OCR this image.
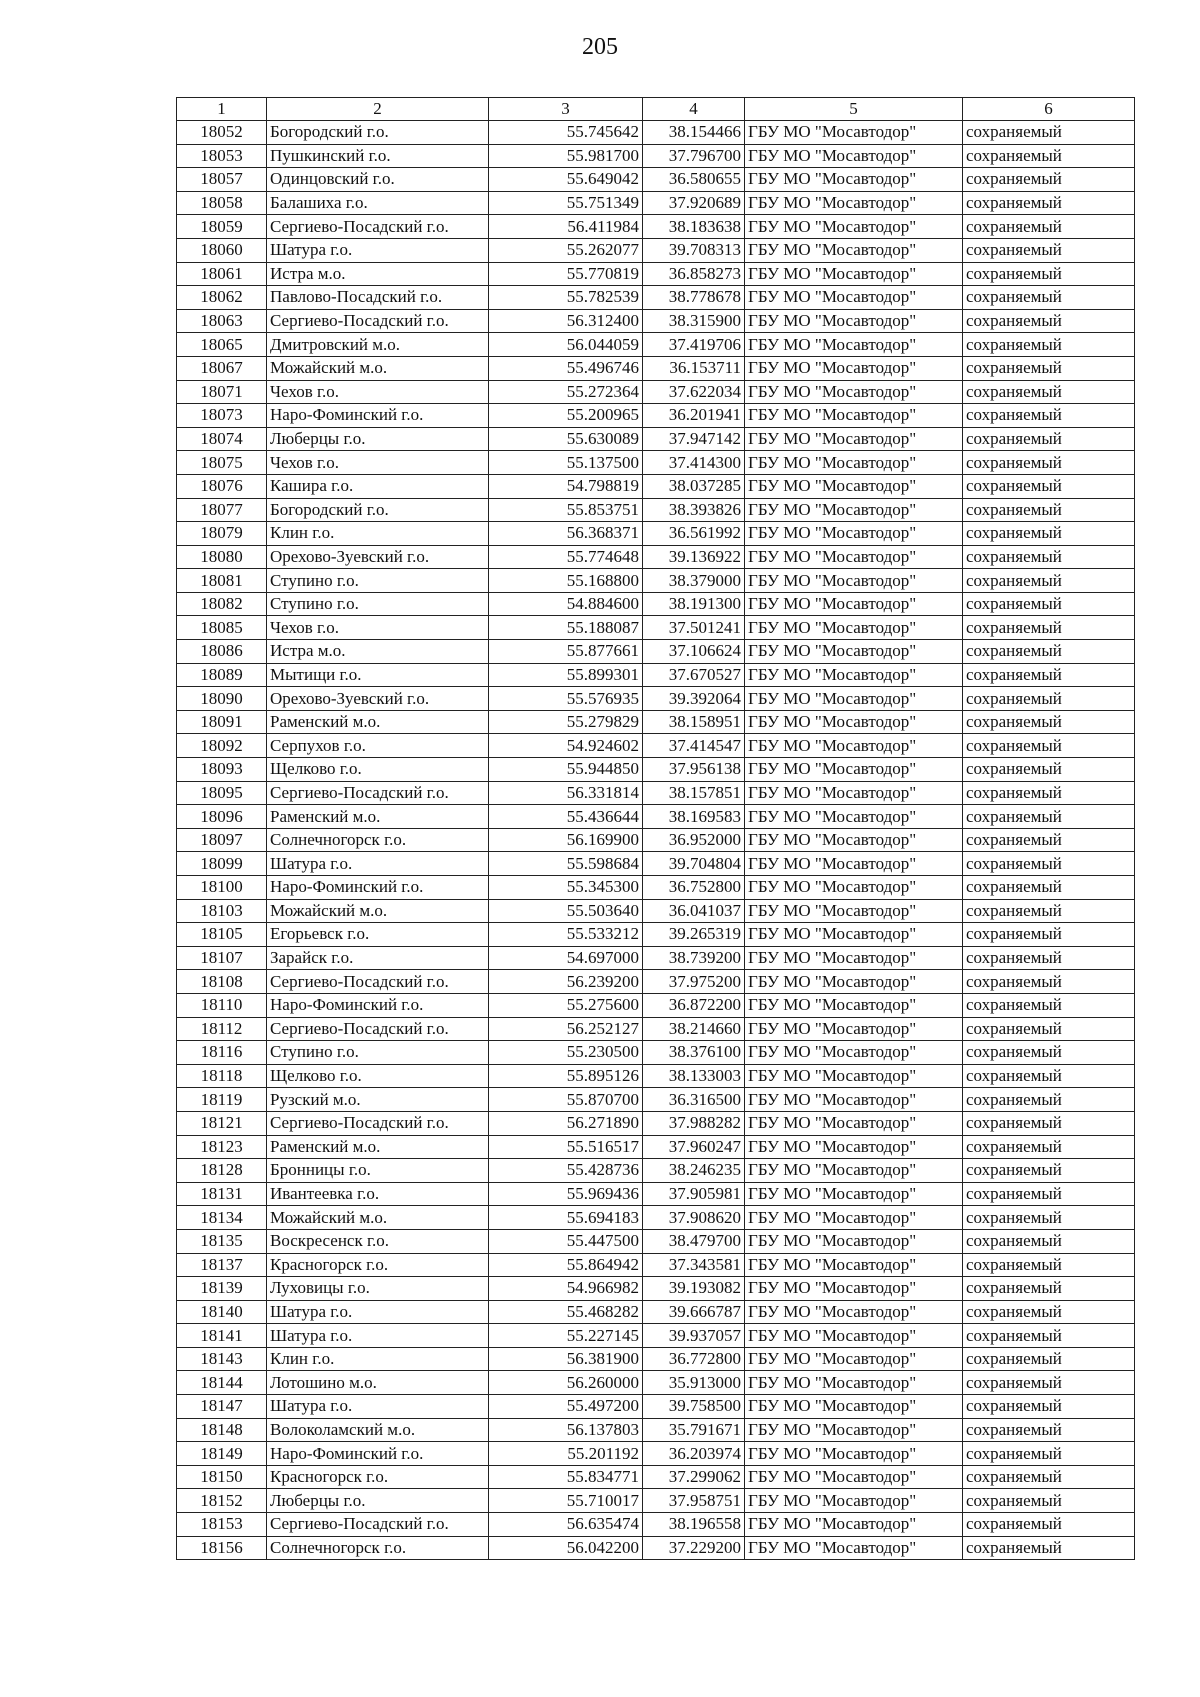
205
1	2	3	4	5	6
18052	Богородский г.о.	55.745642	38.154466	ГБУ МО "Мосавтодор"	сохраняемый
18053	Пушкинский г.о.	55.981700	37.796700	ГБУ МО "Мосавтодор"	сохраняемый
18057	Одинцовский г.о.	55.649042	36.580655	ГБУ МО "Мосавтодор"	сохраняемый
18058	Балашиха г.о.	55.751349	37.920689	ГБУ МО "Мосавтодор"	сохраняемый
18059	Сергиево-Посадский г.о.	56.411984	38.183638	ГБУ МО "Мосавтодор"	сохраняемый
18060	Шатура г.о.	55.262077	39.708313	ГБУ МО "Мосавтодор"	сохраняемый
18061	Истра м.о.	55.770819	36.858273	ГБУ МО "Мосавтодор"	сохраняемый
18062	Павлово-Посадский г.о.	55.782539	38.778678	ГБУ МО "Мосавтодор"	сохраняемый
18063	Сергиево-Посадский г.о.	56.312400	38.315900	ГБУ МО "Мосавтодор"	сохраняемый
18065	Дмитровский м.о.	56.044059	37.419706	ГБУ МО "Мосавтодор"	сохраняемый
18067	Можайский м.о.	55.496746	36.153711	ГБУ МО "Мосавтодор"	сохраняемый
18071	Чехов г.о.	55.272364	37.622034	ГБУ МО "Мосавтодор"	сохраняемый
18073	Наро-Фоминский г.о.	55.200965	36.201941	ГБУ МО "Мосавтодор"	сохраняемый
18074	Люберцы г.о.	55.630089	37.947142	ГБУ МО "Мосавтодор"	сохраняемый
18075	Чехов г.о.	55.137500	37.414300	ГБУ МО "Мосавтодор"	сохраняемый
18076	Кашира г.о.	54.798819	38.037285	ГБУ МО "Мосавтодор"	сохраняемый
18077	Богородский г.о.	55.853751	38.393826	ГБУ МО "Мосавтодор"	сохраняемый
18079	Клин г.о.	56.368371	36.561992	ГБУ МО "Мосавтодор"	сохраняемый
18080	Орехово-Зуевский г.о.	55.774648	39.136922	ГБУ МО "Мосавтодор"	сохраняемый
18081	Ступино г.о.	55.168800	38.379000	ГБУ МО "Мосавтодор"	сохраняемый
18082	Ступино г.о.	54.884600	38.191300	ГБУ МО "Мосавтодор"	сохраняемый
18085	Чехов г.о.	55.188087	37.501241	ГБУ МО "Мосавтодор"	сохраняемый
18086	Истра м.о.	55.877661	37.106624	ГБУ МО "Мосавтодор"	сохраняемый
18089	Мытищи г.о.	55.899301	37.670527	ГБУ МО "Мосавтодор"	сохраняемый
18090	Орехово-Зуевский г.о.	55.576935	39.392064	ГБУ МО "Мосавтодор"	сохраняемый
18091	Раменский м.о.	55.279829	38.158951	ГБУ МО "Мосавтодор"	сохраняемый
18092	Серпухов г.о.	54.924602	37.414547	ГБУ МО "Мосавтодор"	сохраняемый
18093	Щелково г.о.	55.944850	37.956138	ГБУ МО "Мосавтодор"	сохраняемый
18095	Сергиево-Посадский г.о.	56.331814	38.157851	ГБУ МО "Мосавтодор"	сохраняемый
18096	Раменский м.о.	55.436644	38.169583	ГБУ МО "Мосавтодор"	сохраняемый
18097	Солнечногорск г.о.	56.169900	36.952000	ГБУ МО "Мосавтодор"	сохраняемый
18099	Шатура г.о.	55.598684	39.704804	ГБУ МО "Мосавтодор"	сохраняемый
18100	Наро-Фоминский г.о.	55.345300	36.752800	ГБУ МО "Мосавтодор"	сохраняемый
18103	Можайский м.о.	55.503640	36.041037	ГБУ МО "Мосавтодор"	сохраняемый
18105	Егорьевск г.о.	55.533212	39.265319	ГБУ МО "Мосавтодор"	сохраняемый
18107	Зарайск г.о.	54.697000	38.739200	ГБУ МО "Мосавтодор"	сохраняемый
18108	Сергиево-Посадский г.о.	56.239200	37.975200	ГБУ МО "Мосавтодор"	сохраняемый
18110	Наро-Фоминский г.о.	55.275600	36.872200	ГБУ МО "Мосавтодор"	сохраняемый
18112	Сергиево-Посадский г.о.	56.252127	38.214660	ГБУ МО "Мосавтодор"	сохраняемый
18116	Ступино г.о.	55.230500	38.376100	ГБУ МО "Мосавтодор"	сохраняемый
18118	Щелково г.о.	55.895126	38.133003	ГБУ МО "Мосавтодор"	сохраняемый
18119	Рузский м.о.	55.870700	36.316500	ГБУ МО "Мосавтодор"	сохраняемый
18121	Сергиево-Посадский г.о.	56.271890	37.988282	ГБУ МО "Мосавтодор"	сохраняемый
18123	Раменский м.о.	55.516517	37.960247	ГБУ МО "Мосавтодор"	сохраняемый
18128	Бронницы г.о.	55.428736	38.246235	ГБУ МО "Мосавтодор"	сохраняемый
18131	Ивантеевка г.о.	55.969436	37.905981	ГБУ МО "Мосавтодор"	сохраняемый
18134	Можайский м.о.	55.694183	37.908620	ГБУ МО "Мосавтодор"	сохраняемый
18135	Воскресенск г.о.	55.447500	38.479700	ГБУ МО "Мосавтодор"	сохраняемый
18137	Красногорск г.о.	55.864942	37.343581	ГБУ МО "Мосавтодор"	сохраняемый
18139	Луховицы г.о.	54.966982	39.193082	ГБУ МО "Мосавтодор"	сохраняемый
18140	Шатура г.о.	55.468282	39.666787	ГБУ МО "Мосавтодор"	сохраняемый
18141	Шатура г.о.	55.227145	39.937057	ГБУ МО "Мосавтодор"	сохраняемый
18143	Клин г.о.	56.381900	36.772800	ГБУ МО "Мосавтодор"	сохраняемый
18144	Лотошино м.о.	56.260000	35.913000	ГБУ МО "Мосавтодор"	сохраняемый
18147	Шатура г.о.	55.497200	39.758500	ГБУ МО "Мосавтодор"	сохраняемый
18148	Волоколамский м.о.	56.137803	35.791671	ГБУ МО "Мосавтодор"	сохраняемый
18149	Наро-Фоминский г.о.	55.201192	36.203974	ГБУ МО "Мосавтодор"	сохраняемый
18150	Красногорск г.о.	55.834771	37.299062	ГБУ МО "Мосавтодор"	сохраняемый
18152	Люберцы г.о.	55.710017	37.958751	ГБУ МО "Мосавтодор"	сохраняемый
18153	Сергиево-Посадский г.о.	56.635474	38.196558	ГБУ МО "Мосавтодор"	сохраняемый
18156	Солнечногорск г.о.	56.042200	37.229200	ГБУ МО "Мосавтодор"	сохраняемый
